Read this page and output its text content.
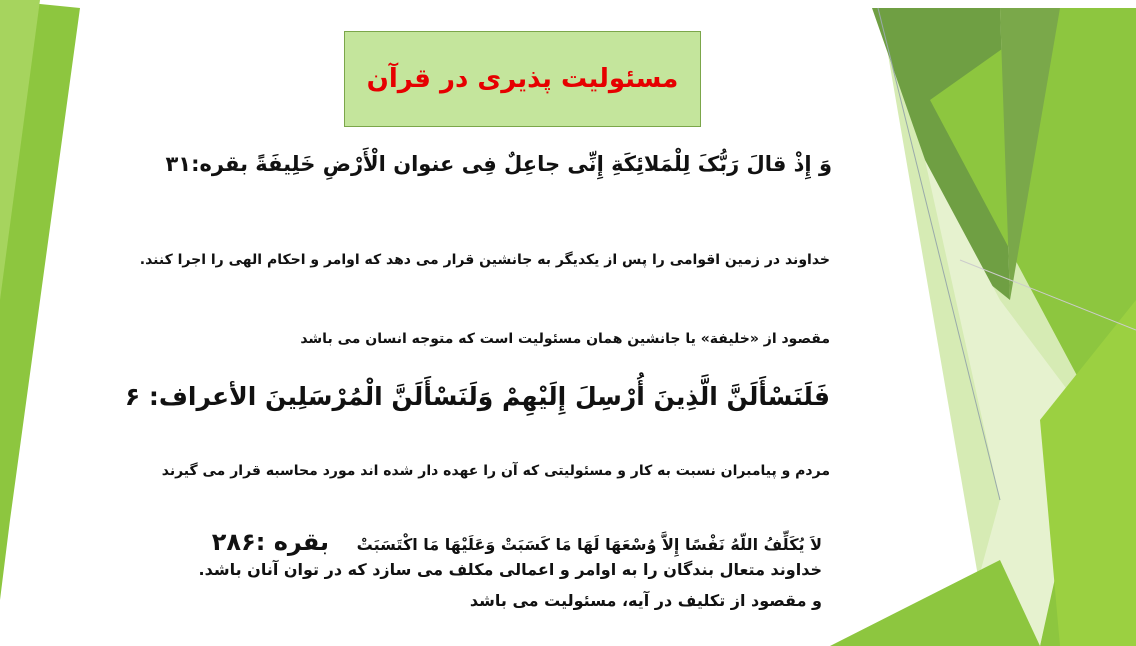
مسئولیت پذیری در قرآن
وَ إِذْ قالَ رَبُّکَ لِلْمَلائِکَةِ إِنِّی جاعِلٌ فِی عنوان الْأَرْضِ خَلِیفَةً بقره:۳۱
خداوند در زمین اقوامی را پس از یکدیگر به جانشین قرار می دهد که اوامر و احکام الهی را اجرا کنند.
مقصود از «خلیفة» یا جانشین همان مسئولیت است که متوجه انسان می باشد
فَلَنَسْأَلَنَّ الَّذِینَ أُرْسِلَ إِلَیْهِمْ وَلَنَسْأَلَنَّ الْمُرْسَلِینَ الأعراف: ۶
مردم و پیامبران نسبت به کار و مسئولیتی که آن را عهده دار شده اند مورد محاسبه قرار می گیرند
لاَ يُكَلِّفُ اللّهُ نَفْسًا إِلاَّ وُسْعَهَا لَهَا مَا كَسَبَتْ وَعَلَيْهَا مَا اكْتَسَبَتْ بقره :۲۸۶
خداوند متعال بندگان را به اوامر و اعمالی مکلف می سازد که در توان آنان باشد.
و مقصود از تکلیف در آیه، مسئولیت می باشد
